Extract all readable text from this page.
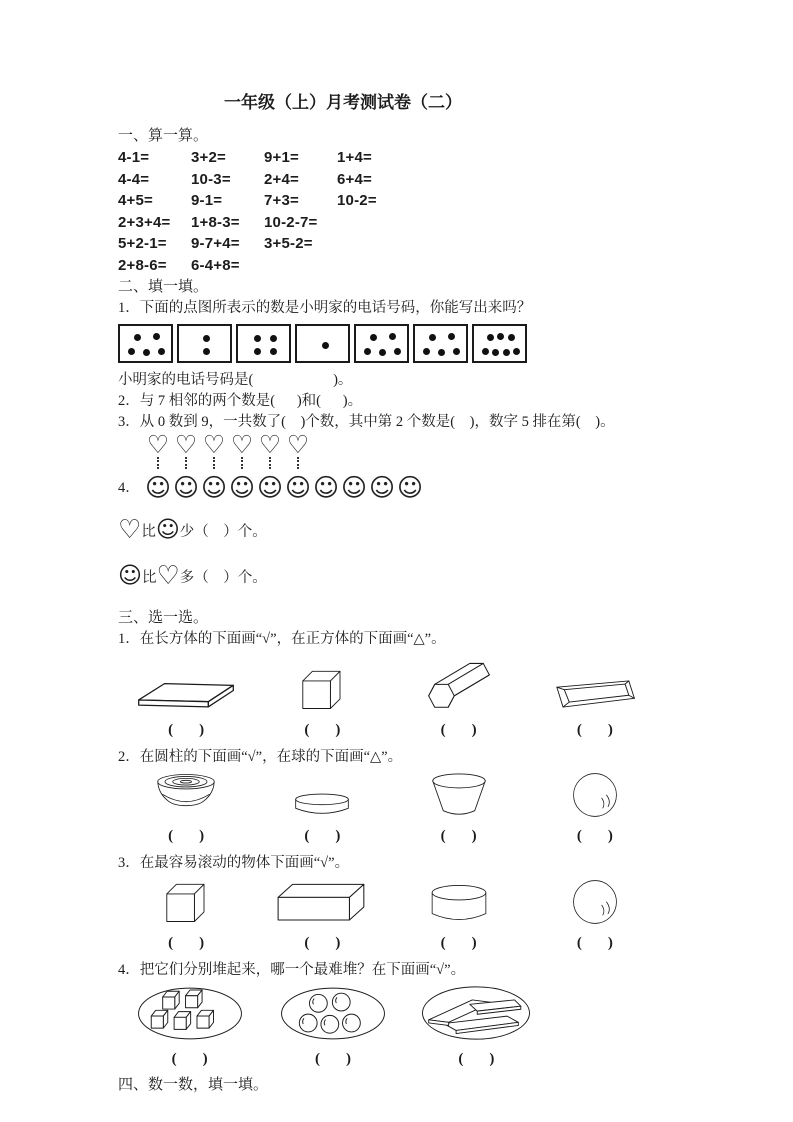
一年级（上）月考测试卷（二）
一、算一算。
4-1=	3+2=	9+1=	1+4=
4-4=	10-3= 2+4=	6+4=
4+5=	9-1=	7+3=	10-2=
2+3+4= 1+8-3= 10-2-7=
5+2-1= 9-7+4= 3+5-2=
2+8-6= 6-4+8=
二、填一填。
1．下面的点图所表示的数是小明家的电话号码，你能写出来吗？
小明家的电话号码是(                      )。
2．与 7 相邻的两个数是(      )和(      )。
3．从 0 数到 9，一共数了(    )个数，其中第 2 个数是(    )，数字 5 排在第(    )。
♡ ♡ ♡ ♡ ♡ ♡
4． ☺☺☺☺☺☺☺☺☺☺
♡ 比 ☺ 少（　）个。
☺ 比 ♡ 多（　）个。
三、选一选。
1．在长方体的下面画“√”，在正方体的下面画“△”。
( )	( )	( )	( )
2．在圆柱的下面画“√”，在球的下面画“△”。
( )	( )	( )	( )
3．在最容易滚动的物体下面画“√”。
( )	( )	( )	( )
4．把它们分别堆起来，哪一个最难堆？在下面画“√”。
( )	( )	( )
四、数一数，填一填。
